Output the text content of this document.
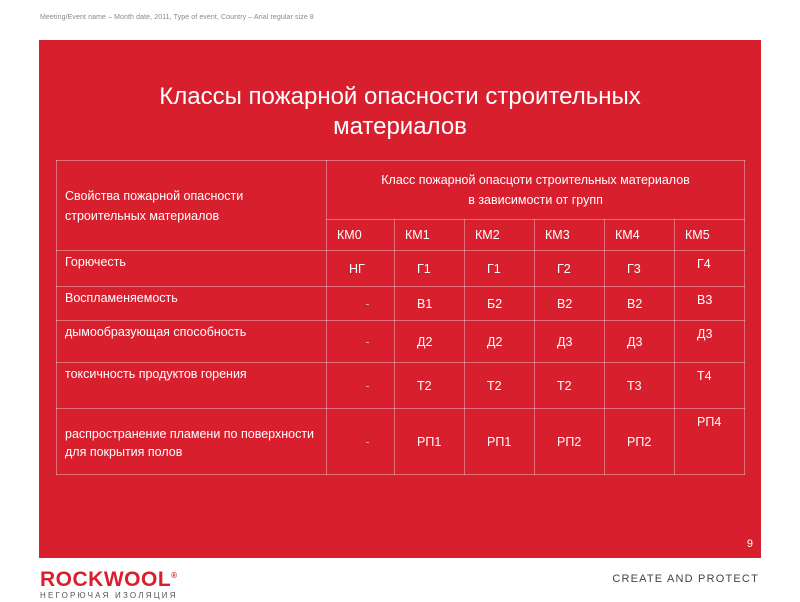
Meeting/Event name – Month date, 2011, Type of event, Country – Arial regular size 8
Классы пожарной опасности строительных
материалов
Свойства пожарной опасности строительных материалов	Класс пожарной опасцоти строительных материалов
в зависимости от групп					

	КМ0	КМ1	КМ2	КМ3	КМ4	КМ5
Горючесть	НГ	Г1	Г1	Г2	Г3	Г4
Воспламеняемость	-	В1	Б2	В2	В2	В3
дымообразующая способность	-	Д2	Д2	Д3	Д3	Д3
токсичность продуктов горения	-	Т2	Т2	Т2	Т3	Т4
распространение пламени по поверхности для покрытия полов	-	РП1	РП1	РП2	РП2	РП4
9
ROCKWOOL®
НЕГОРЮЧАЯ ИЗОЛЯЦИЯ
CREATE AND PROTECT
